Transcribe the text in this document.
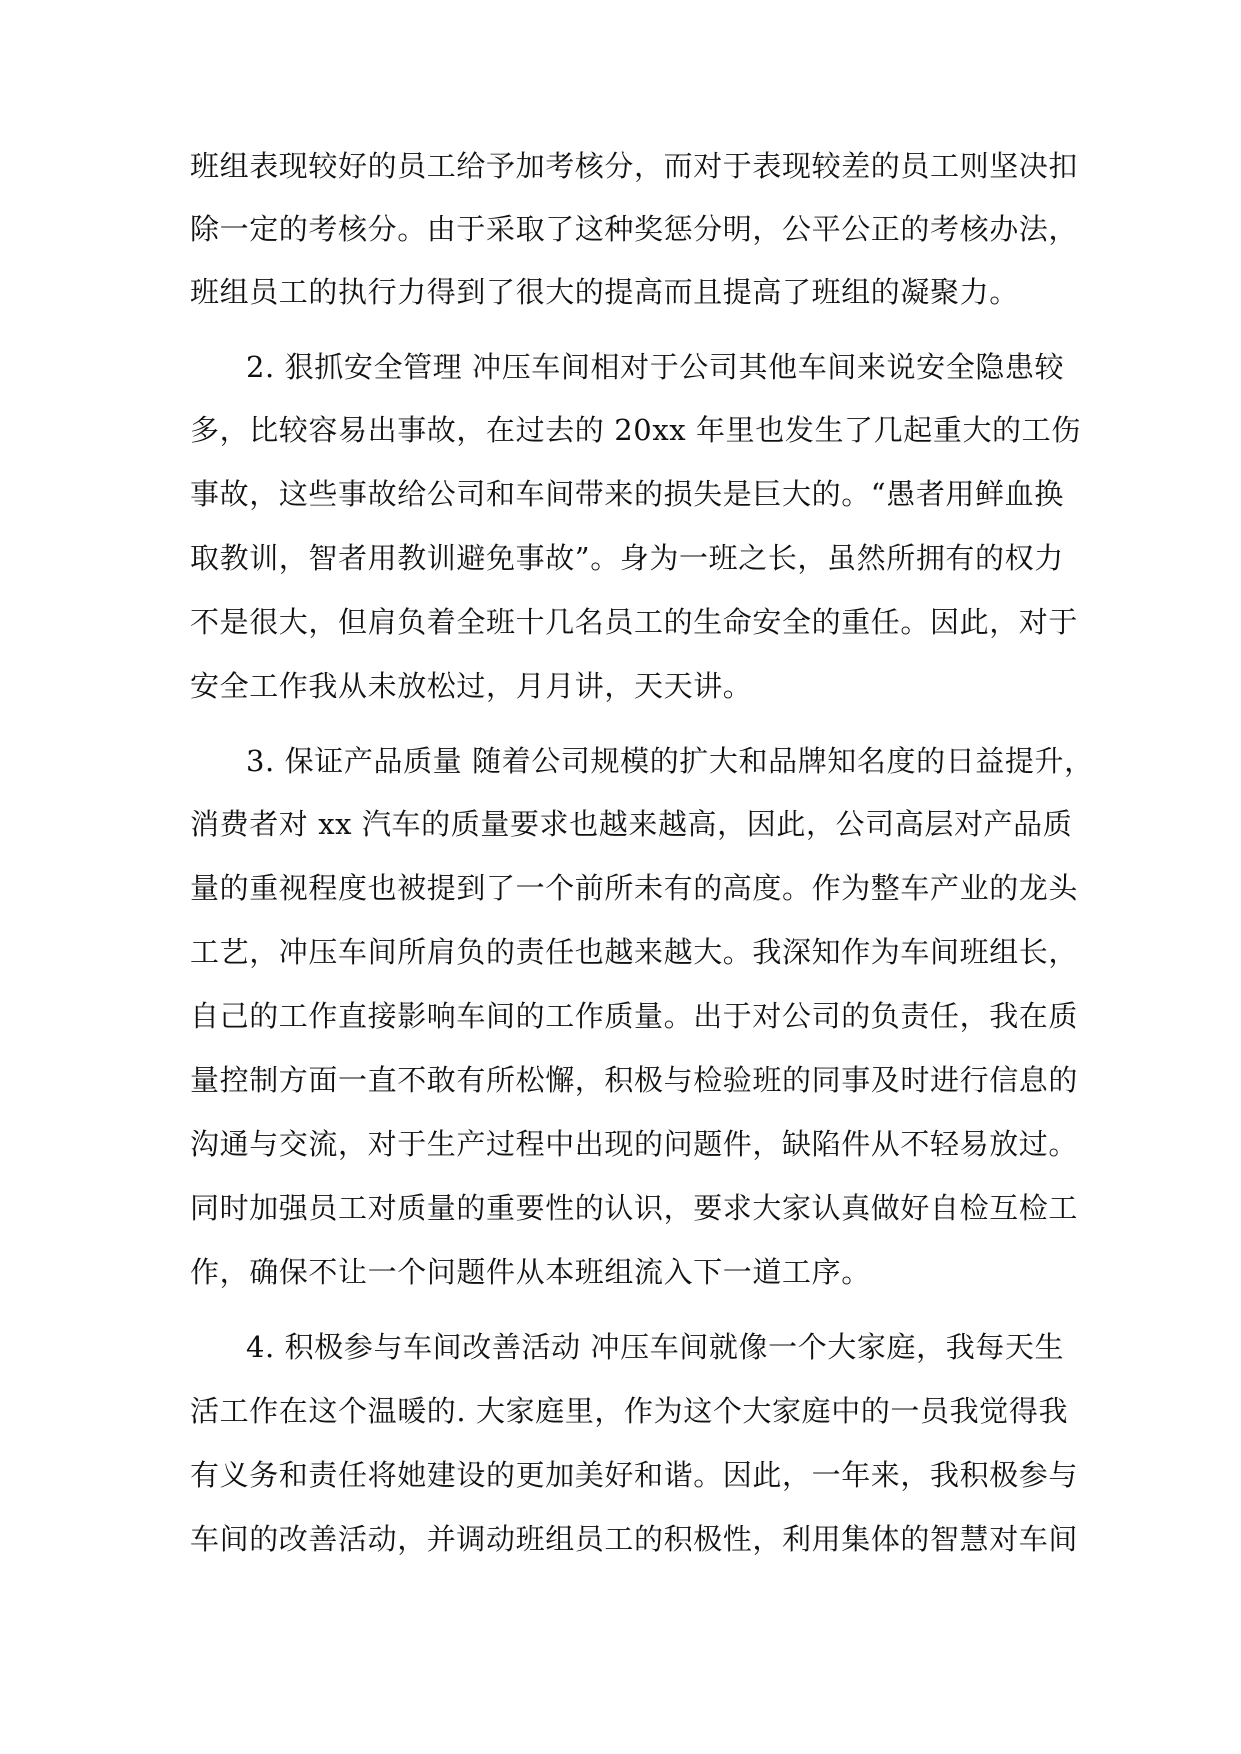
班组表现较好的员工给予加考核分，而对于表现较差的员工则坚决扣
除一定的考核分。由于采取了这种奖惩分明，公平公正的考核办法，
班组员工的执行力得到了很大的提高而且提高了班组的凝聚力。
2. 狠抓安全管理 冲压车间相对于公司其他车间来说安全隐患较
多，比较容易出事故，在过去的 20xx 年里也发生了几起重大的工伤
事故，这些事故给公司和车间带来的损失是巨大的。“愚者用鲜血换
取教训，智者用教训避免事故”。身为一班之长，虽然所拥有的权力
不是很大，但肩负着全班十几名员工的生命安全的重任。因此，对于
安全工作我从未放松过，月月讲，天天讲。
3. 保证产品质量 随着公司规模的扩大和品牌知名度的日益提升，
消费者对 xx 汽车的质量要求也越来越高，因此，公司高层对产品质
量的重视程度也被提到了一个前所未有的高度。作为整车产业的龙头
工艺，冲压车间所肩负的责任也越来越大。我深知作为车间班组长，
自己的工作直接影响车间的工作质量。出于对公司的负责任，我在质
量控制方面一直不敢有所松懈，积极与检验班的同事及时进行信息的
沟通与交流，对于生产过程中出现的问题件，缺陷件从不轻易放过。
同时加强员工对质量的重要性的认识，要求大家认真做好自检互检工
作，确保不让一个问题件从本班组流入下一道工序。
4. 积极参与车间改善活动 冲压车间就像一个大家庭，我每天生
活工作在这个温暖的. 大家庭里，作为这个大家庭中的一员我觉得我
有义务和责任将她建设的更加美好和谐。因此，一年来，我积极参与
车间的改善活动，并调动班组员工的积极性，利用集体的智慧对车间
